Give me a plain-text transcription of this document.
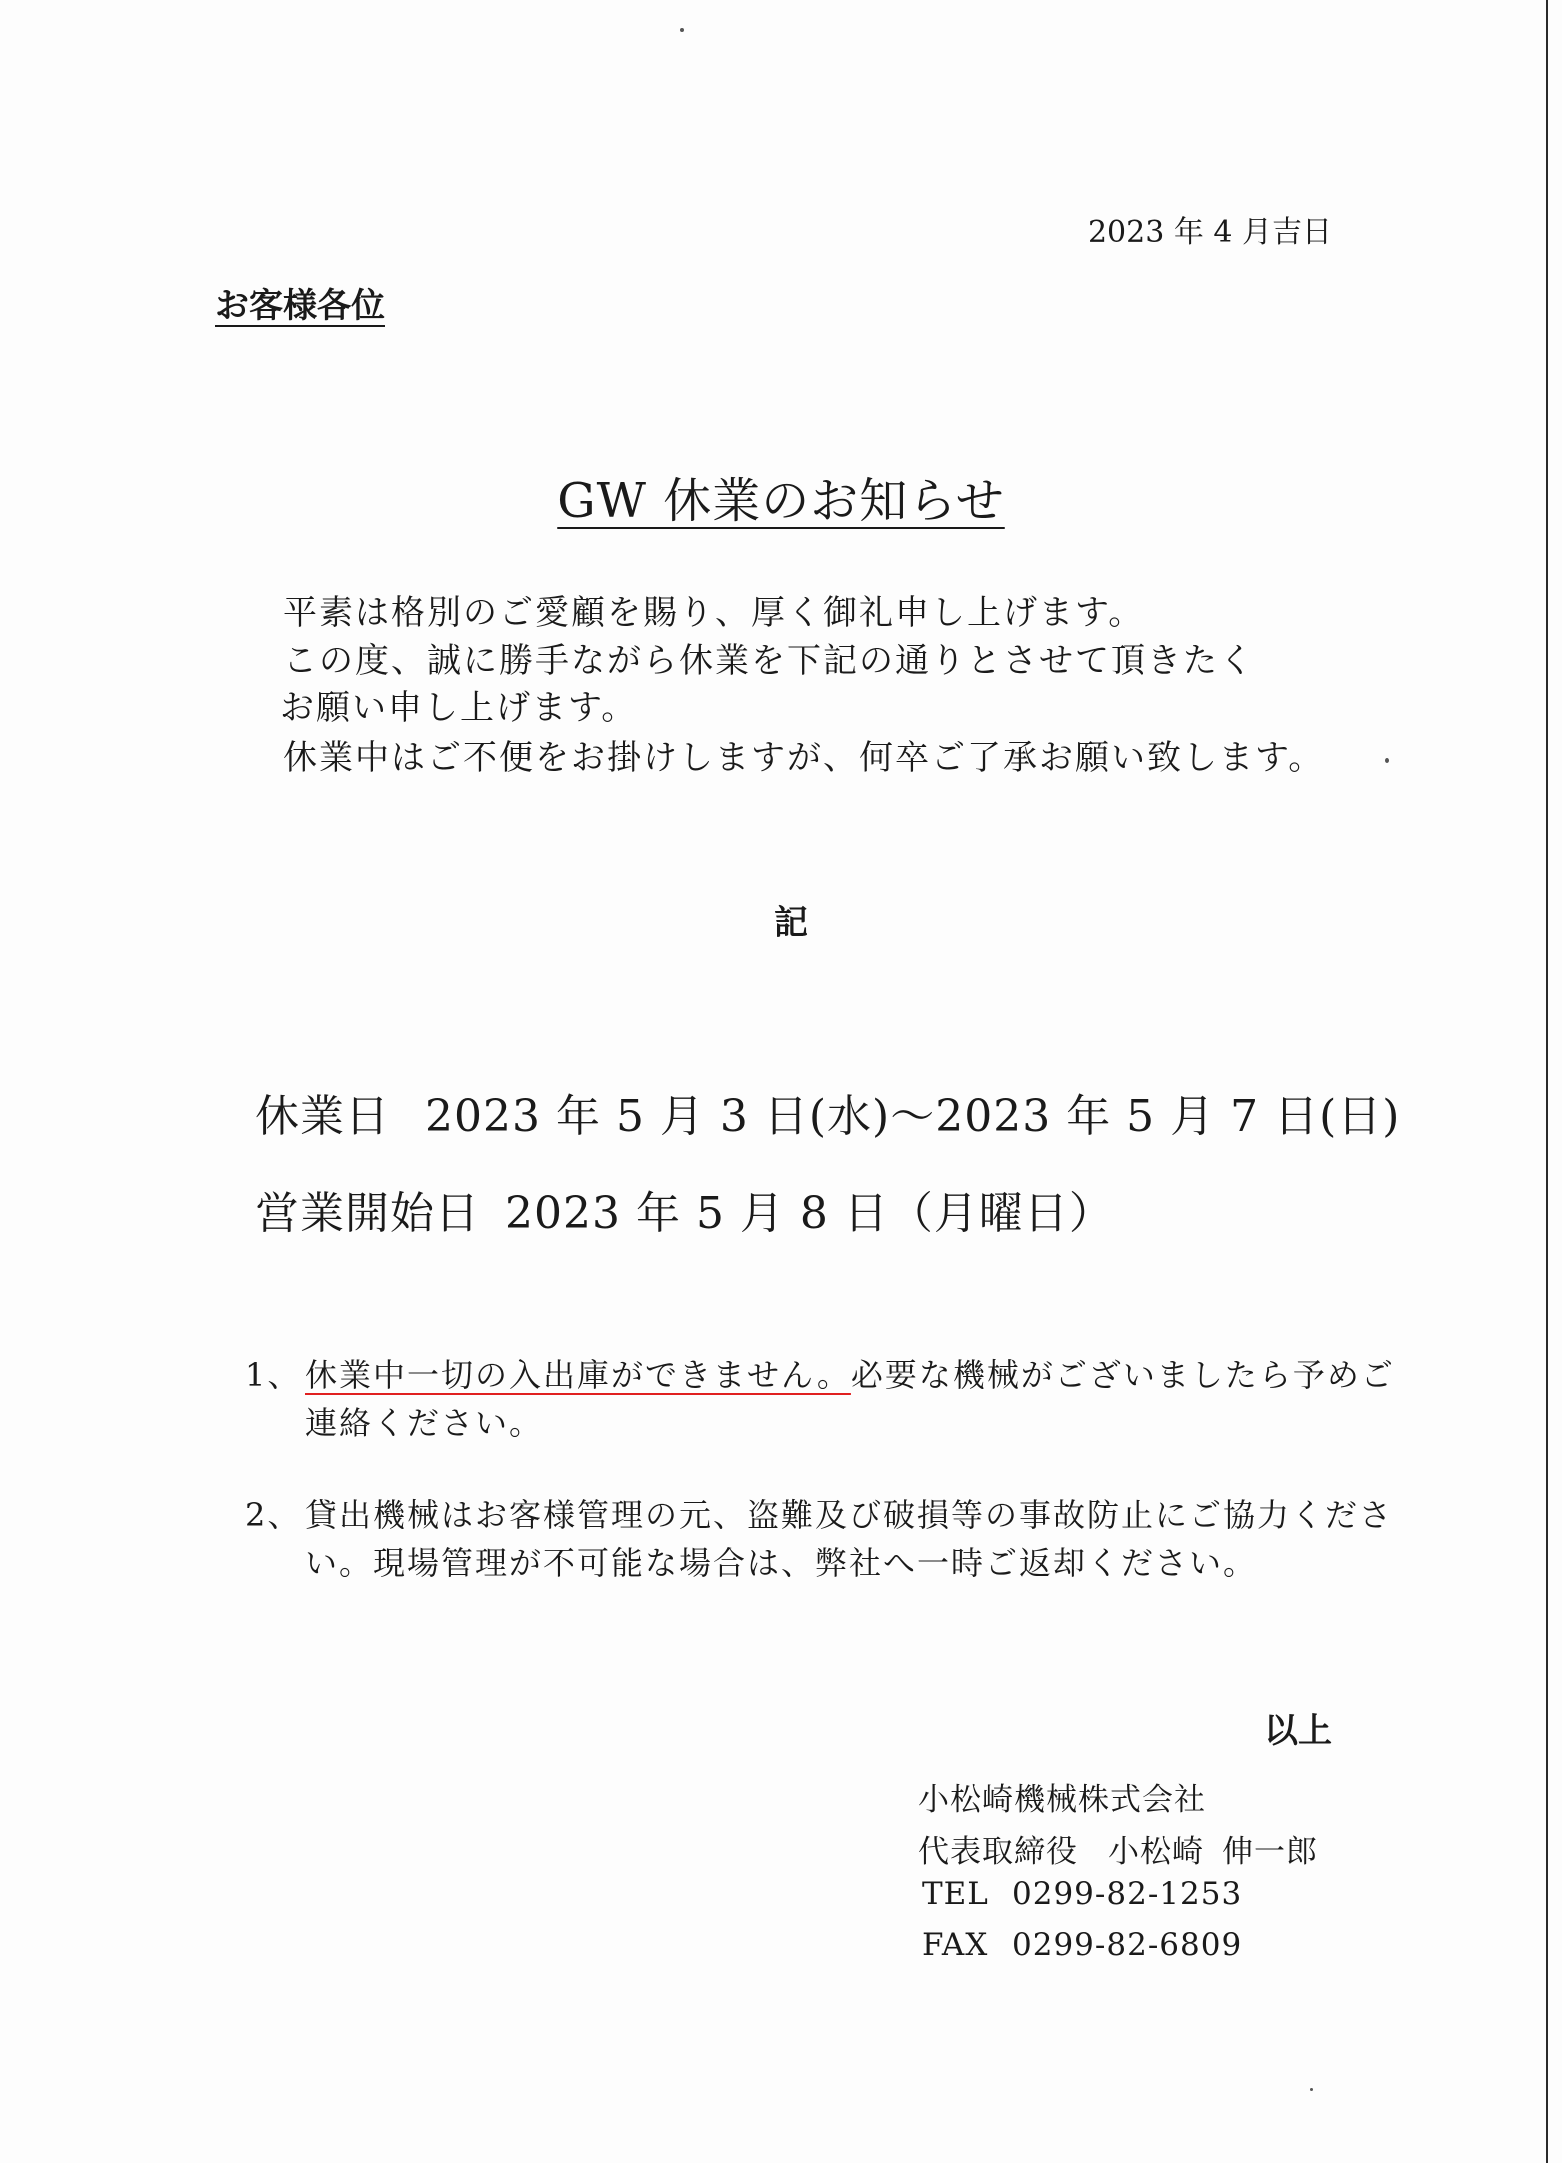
2023 年 4 月吉日
お客様各位
GW 休業のお知らせ
平素は格別のご愛顧を賜り、厚く御礼申し上げます。
この度、誠に勝手ながら休業を下記の通りとさせて頂きたく
お願い申し上げます。
休業中はご不便をお掛けしますが、何卒ご了承お願い致します。
記
休業日 2023 年 5 月 3 日(水)～2023 年 5 月 7 日(日)
営業開始日 2023 年 5 月 8 日（月曜日）
1、 休業中一切の入出庫ができません。必要な機械がございましたら予めご
連絡ください。
2、 貸出機械はお客様管理の元、盗難及び破損等の事故防止にご協力くださ
い。現場管理が不可能な場合は、弊社へ一時ご返却ください。
以上
小松崎機械株式会社
代表取締役 小松崎 伸一郎
TEL 0299-82-1253
FAX 0299-82-6809
